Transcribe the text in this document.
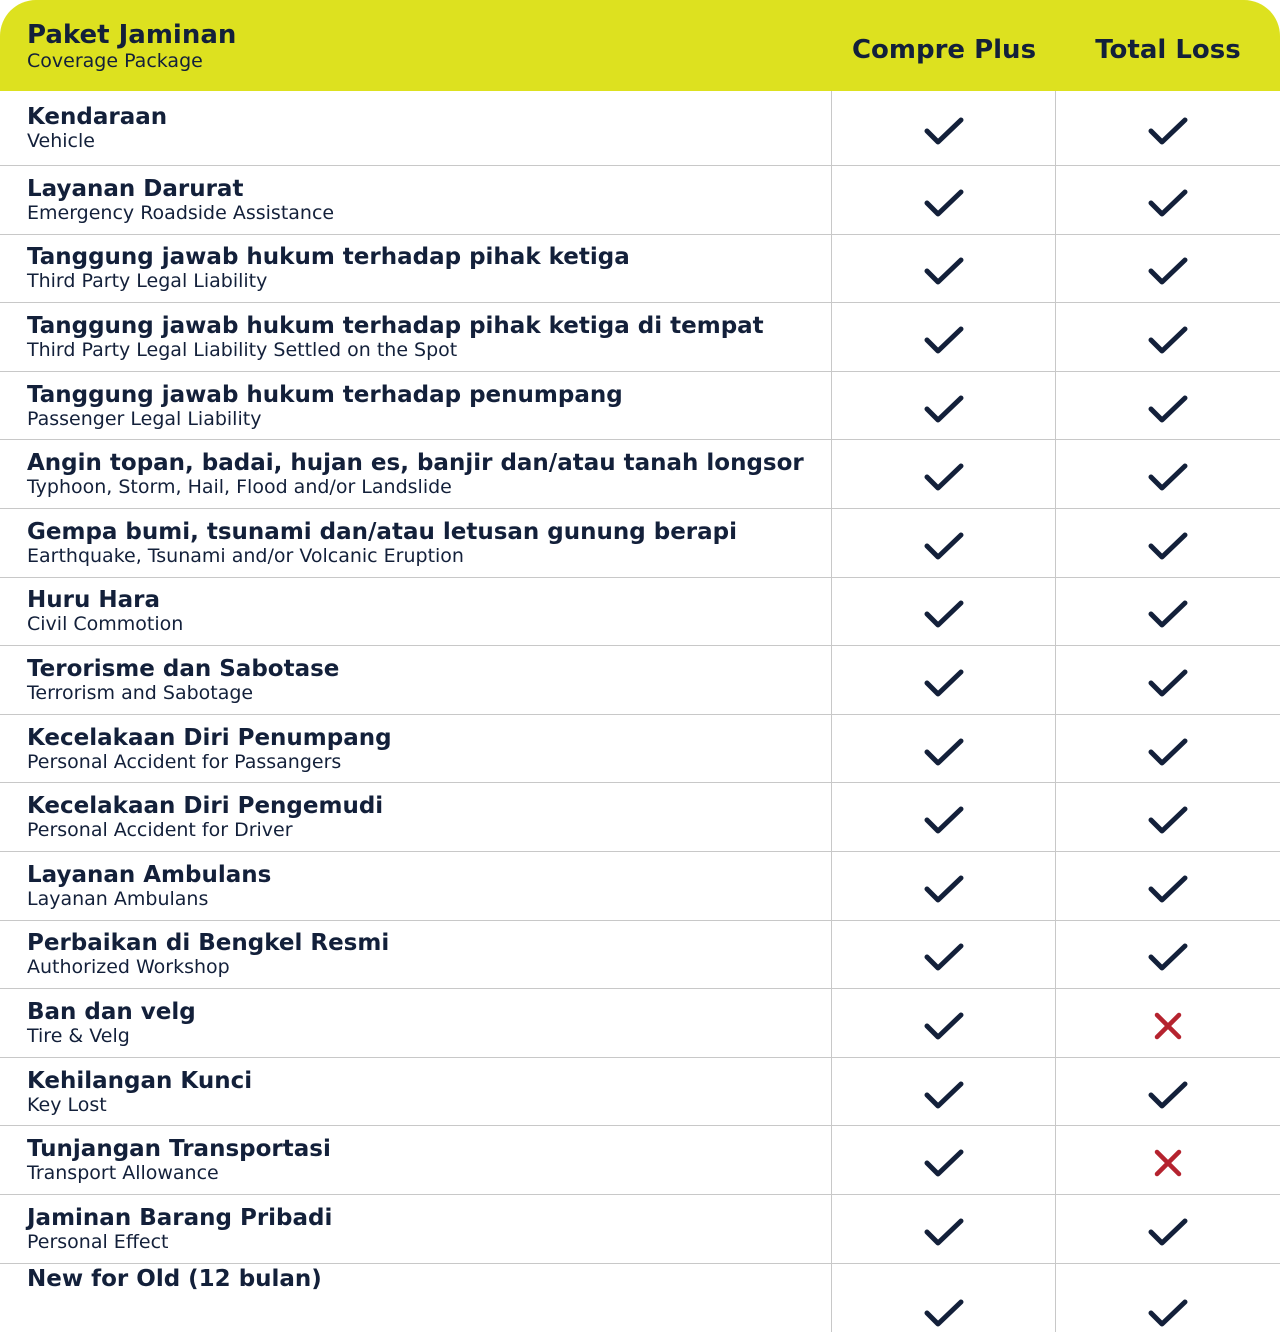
Paket Jaminan
Coverage Package	Compre Plus	Total Loss
Kendaraan
Vehicle
Layanan Darurat
Emergency Roadside Assistance
Tanggung jawab hukum terhadap pihak ketiga
Third Party Legal Liability
Tanggung jawab hukum terhadap pihak ketiga di tempat
Third Party Legal Liability Settled on the Spot
Tanggung jawab hukum terhadap penumpang
Passenger Legal Liability
Angin topan, badai, hujan es, banjir dan/atau tanah longsor
Typhoon, Storm, Hail, Flood and/or Landslide
Gempa bumi, tsunami dan/atau letusan gunung berapi
Earthquake, Tsunami and/or Volcanic Eruption
Huru Hara
Civil Commotion
Terorisme dan Sabotase
Terrorism and Sabotage
Kecelakaan Diri Penumpang
Personal Accident for Passangers
Kecelakaan Diri Pengemudi
Personal Accident for Driver
Layanan Ambulans
Layanan Ambulans
Perbaikan di Bengkel Resmi
Authorized Workshop
Ban dan velg
Tire & Velg
Kehilangan Kunci
Key Lost
Tunjangan Transportasi
Transport Allowance
Jaminan Barang Pribadi
Personal Effect
New for Old (12 bulan)
